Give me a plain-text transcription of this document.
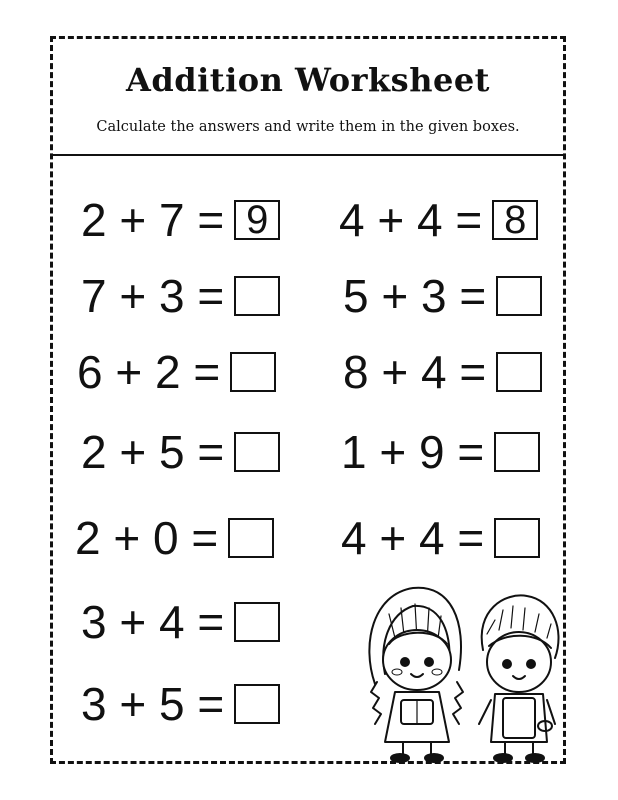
Addition Worksheet
Calculate the answers and write them in the given boxes.
2 + 7 = 9
7 + 3 =
6 + 2 =
2 + 5 =
2 + 0 =
3 + 4 =
3 + 5 =
4 + 4 = 8
5 + 3 =
8 + 4 =
1 + 9 =
4 + 4 =
